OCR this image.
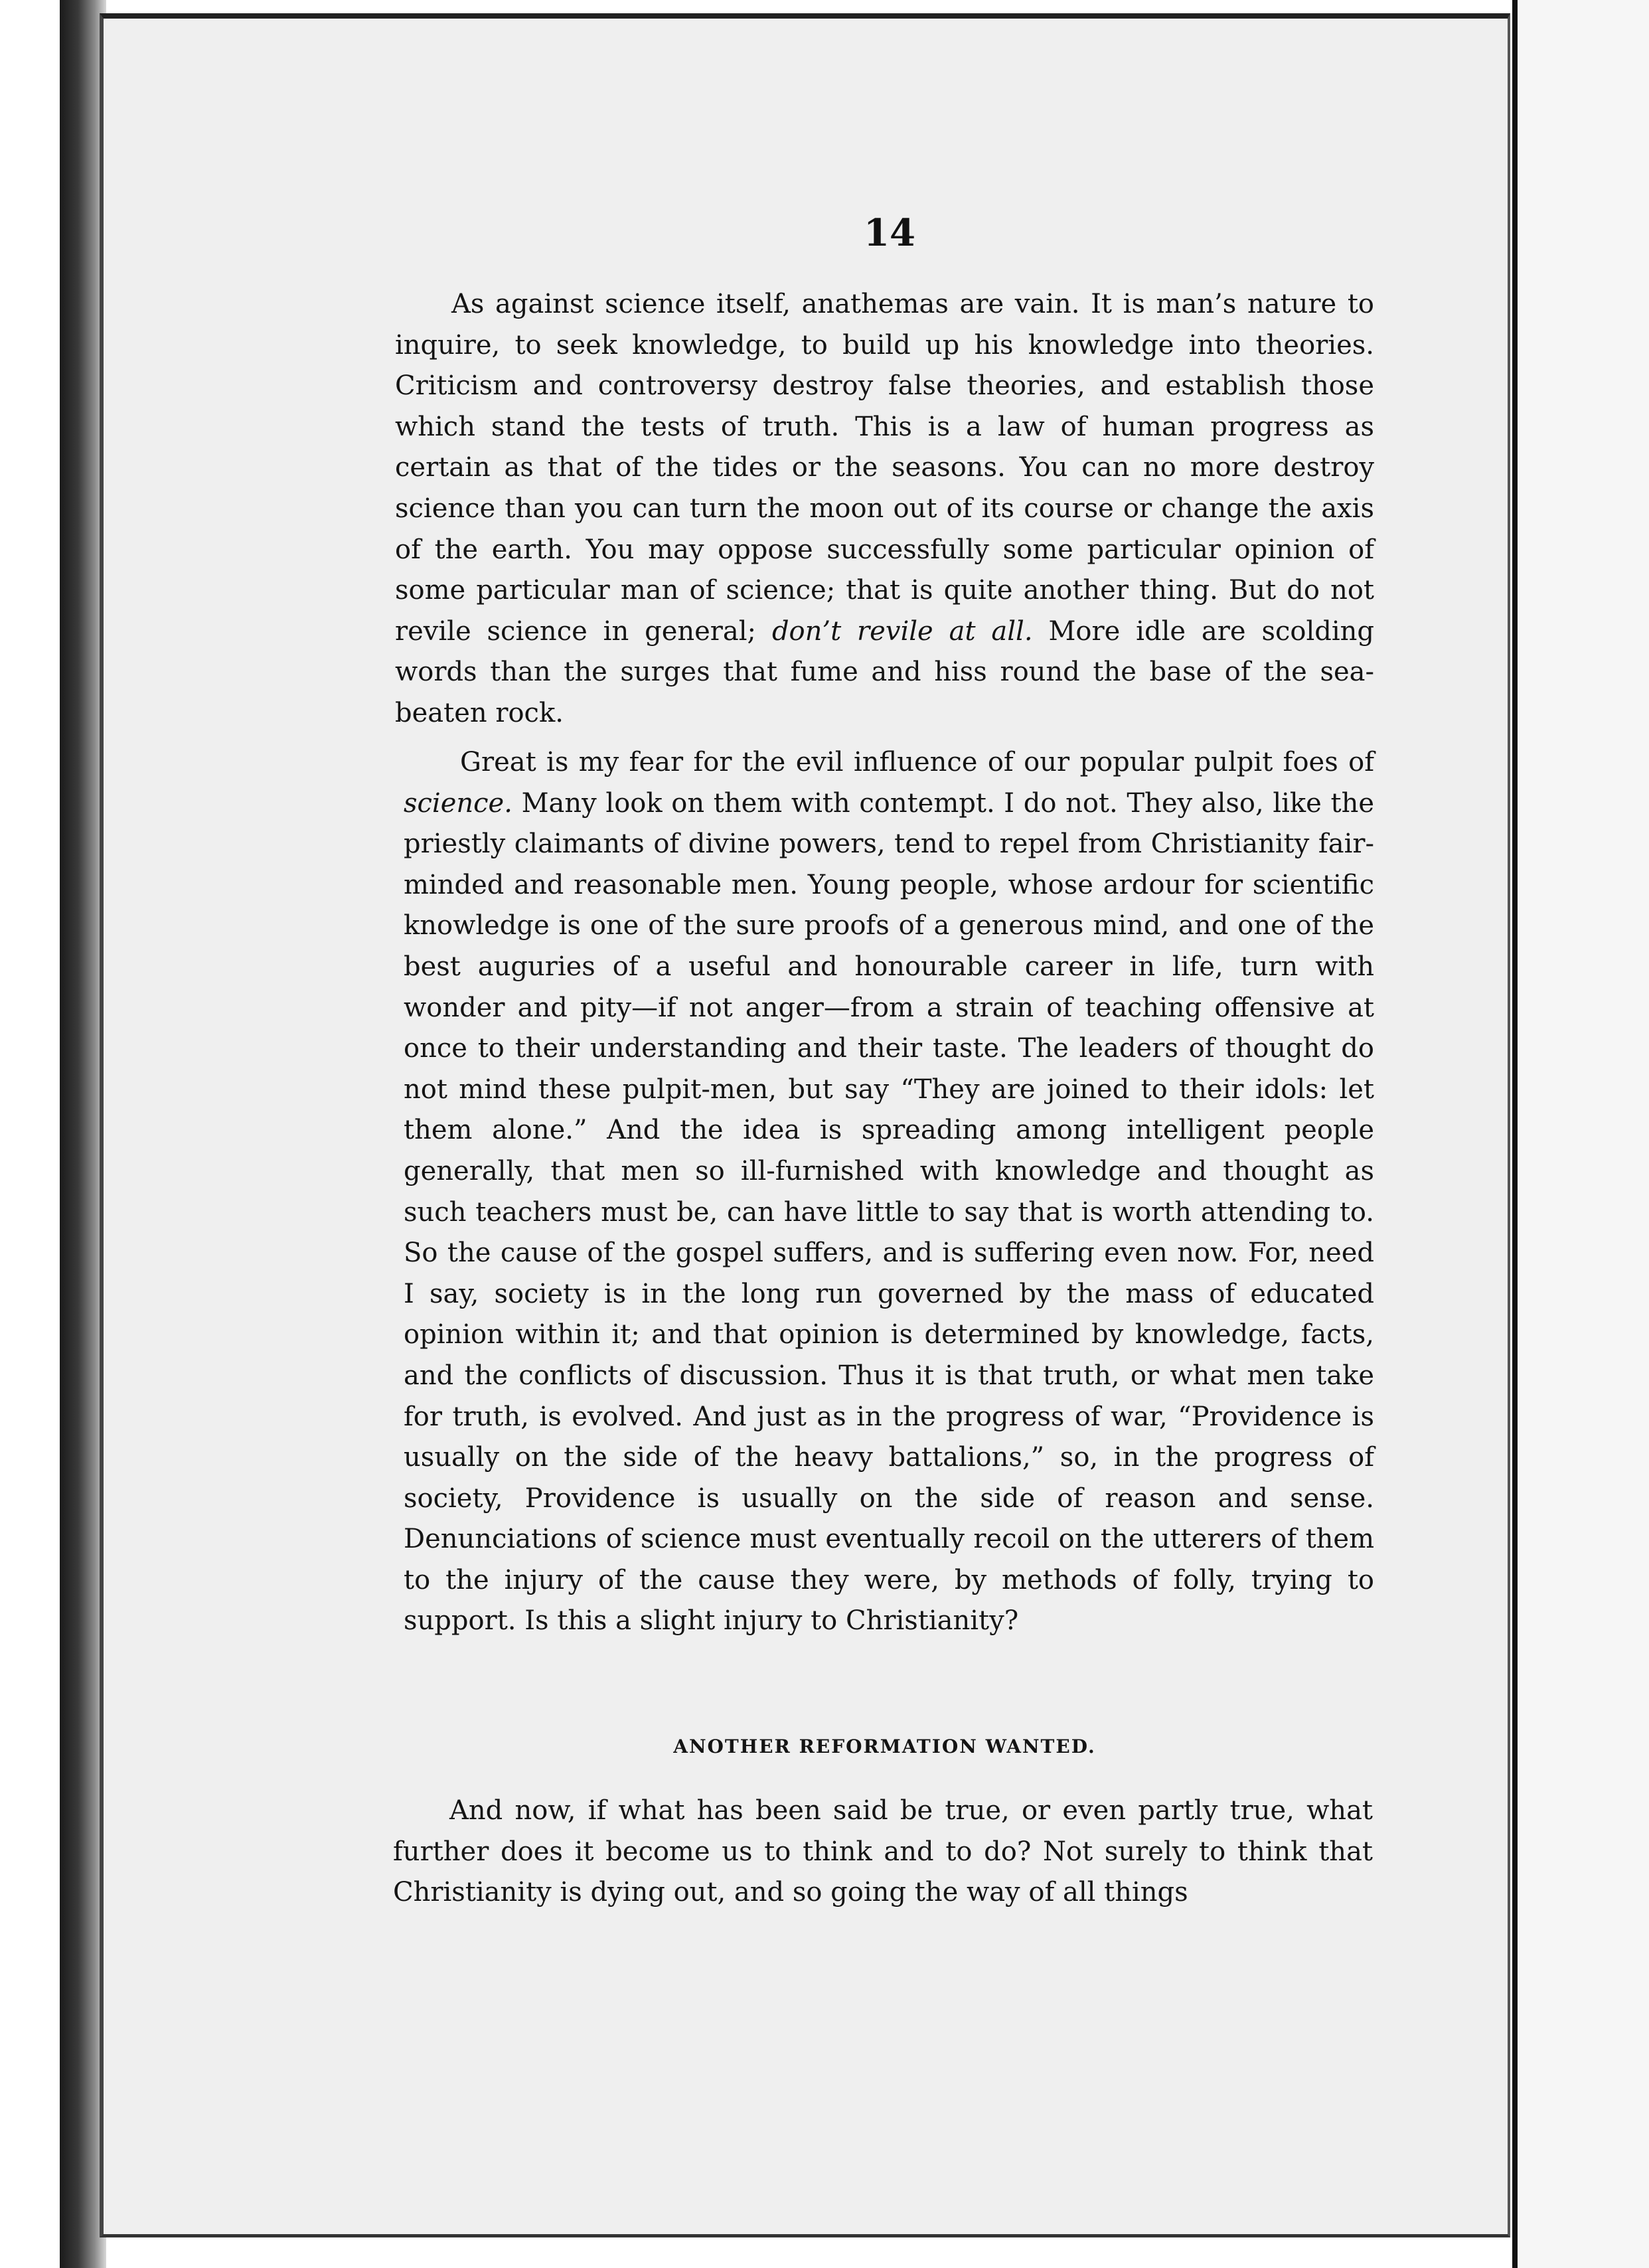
14

As against science itself, anathemas are vain. It is man’s nature to inquire, to seek knowledge, to build up his knowledge into theories. Criticism and controversy destroy false theories, and establish those which stand the tests of truth. This is a law of human progress as certain as that of the tides or the seasons. You can no more destroy science than you can turn the moon out of its course or change the axis of the earth. You may oppose successfully some particular opinion of some particular man of science; that is quite another thing. But do not revile science in general; don’t revile at all. More idle are scolding words than the surges that fume and hiss round the base of the sea-beaten rock.

Great is my fear for the evil influence of our popular pulpit foes of science. Many look on them with contempt. I do not. They also, like the priestly claimants of divine powers, tend to repel from Christianity fair-minded and reasonable men. Young people, whose ardour for scientific knowledge is one of the sure proofs of a generous mind, and one of the best auguries of a useful and honourable career in life, turn with wonder and pity—if not anger—from a strain of teaching offensive at once to their understanding and their taste. The leaders of thought do not mind these pulpit-men, but say “They are joined to their idols: let them alone.” And the idea is spreading among intelligent people generally, that men so ill-furnished with knowledge and thought as such teachers must be, can have little to say that is worth attending to. So the cause of the gospel suffers, and is suffering even now. For, need I say, society is in the long run governed by the mass of educated opinion within it; and that opinion is determined by knowledge, facts, and the conflicts of discussion. Thus it is that truth, or what men take for truth, is evolved. And just as in the progress of war, “Providence is usually on the side of the heavy battalions,” so, in the progress of society, Providence is usually on the side of reason and sense. Denunciations of science must eventually recoil on the utterers of them to the injury of the cause they were, by methods of folly, trying to support. Is this a slight injury to Christianity?

ANOTHER REFORMATION WANTED.

And now, if what has been said be true, or even partly true, what further does it become us to think and to do? Not surely to think that Christianity is dying out, and so going the way of all things
